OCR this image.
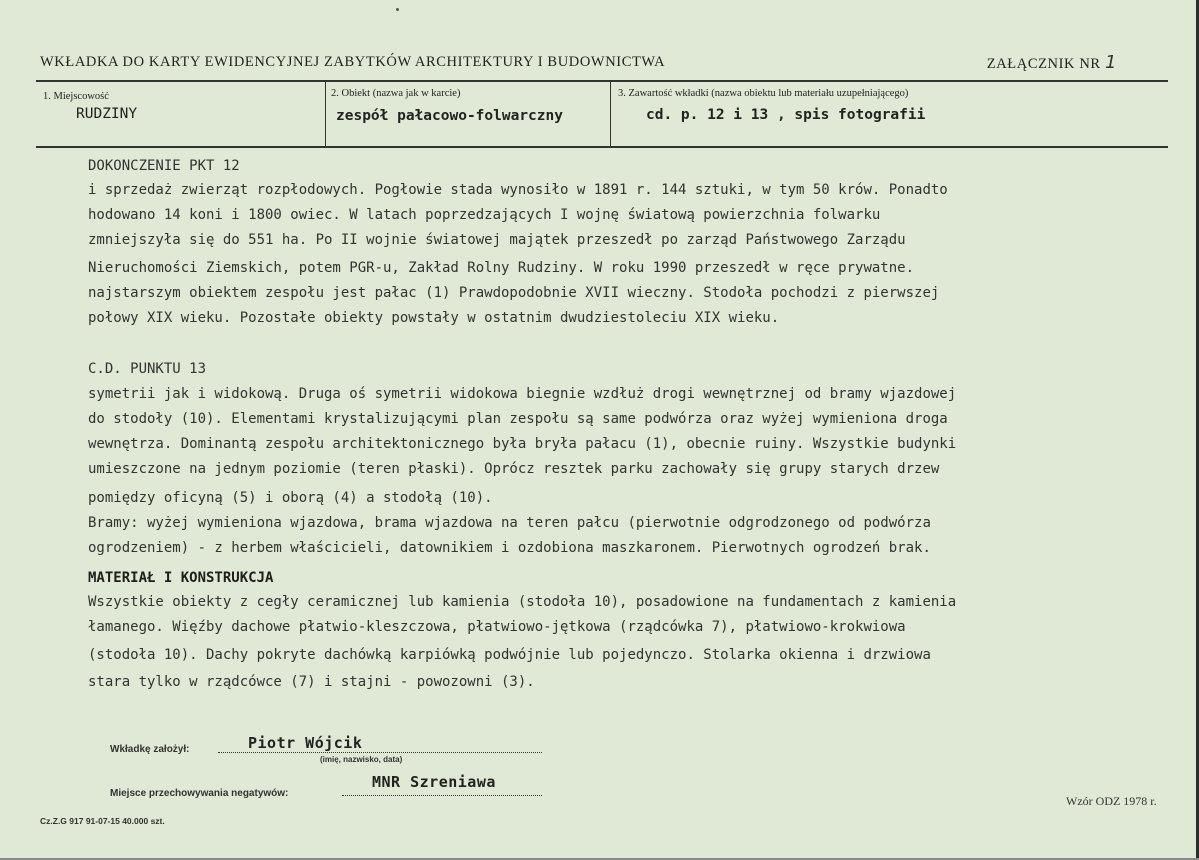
WKŁADKA DO KARTY EWIDENCYJNEJ ZABYTKÓW ARCHITEKTURY I BUDOWNICTWA	ZAŁĄCZNIK NR 1
1. Miejscowość
RUDZINY
2. Obiekt (nazwa jak w karcie)
zespół pałacowo-folwarczny
3. Zawartość wkładki (nazwa obiektu lub materiału uzupełniającego)
cd. p. 12 i 13 , spis fotografii
DOKONCZENIE PKT 12
i sprzedaż zwierząt rozpłodowych. Pogłowie stada wynosiło w 1891 r. 144 sztuki, w tym 50 krów. Ponadto
hodowano 14 koni i 1800 owiec. W latach poprzedzających I wojnę światową powierzchnia folwarku
zmniejszyła się do 551 ha. Po II wojnie światowej majątek przeszedł po zarząd Państwowego Zarządu
Nieruchomości Ziemskich, potem PGR-u, Zakład Rolny Rudziny. W roku 1990 przeszedł w ręce prywatne.
najstarszym obiektem zespołu jest pałac (1) Prawdopodobnie XVII wieczny. Stodoła pochodzi z pierwszej
połowy XIX wieku. Pozostałe obiekty powstały w ostatnim dwudziestoleciu XIX wieku.
C.D. PUNKTU 13
symetrii jak i widokową. Druga oś symetrii widokowa biegnie wzdłuż drogi wewnętrznej od bramy wjazdowej
do stodoły (10). Elementami krystalizującymi plan zespołu są same podwórza oraz wyżej wymieniona droga
wewnętrza. Dominantą zespołu architektonicznego była bryła pałacu (1), obecnie ruiny. Wszystkie budynki
umieszczone na jednym poziomie (teren płaski). Oprócz resztek parku zachowały się grupy starych drzew
pomiędzy oficyną (5) i oborą (4) a stodołą (10).
Bramy: wyżej wymieniona wjazdowa, brama wjazdowa na teren pałcu (pierwotnie odgrodzonego od podwórza
ogrodzeniem) - z herbem właścicieli, datownikiem i ozdobiona maszkaronem. Pierwotnych ogrodzeń brak.
MATERIAŁ I KONSTRUKCJA
Wszystkie obiekty z cegły ceramicznej lub kamienia (stodoła 10), posadowione na fundamentach z kamienia
łamanego. Więźby dachowe płatwio-kleszczowa, płatwiowo-jętkowa (rządcówka 7), płatwiowo-krokwiowa
(stodoła 10). Dachy pokryte dachówką karpiówką podwójnie lub pojedynczo. Stolarka okienna i drzwiowa
stara tylko w rządcówce (7) i stajni - powozowni (3).
Wkładkę założył:	Piotr Wójcik
(imię, nazwisko, data)
Miejsce przechowywania negatywów:
MNR Szreniawa
Cz.Z.G 917 91-07-15 40.000 szt.
Wzór ODZ 1978 r.
